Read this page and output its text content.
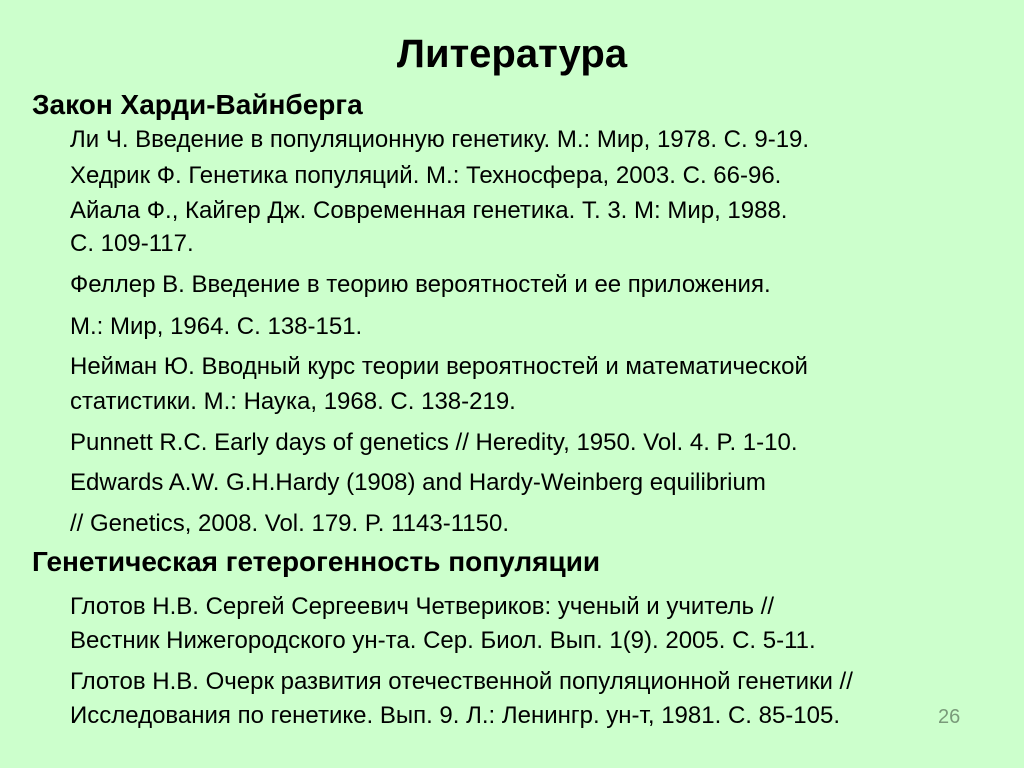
Литература
Закон Харди-Вайнберга
Ли Ч. Введение в популяционную генетику. М.: Мир, 1978. С. 9-19.
Хедрик Ф. Генетика популяций. М.: Техносфера, 2003. С. 66-96.
Айала Ф., Кайгер Дж. Современная генетика. Т. 3. М: Мир, 1988.
С. 109-117.
Феллер В. Введение в теорию вероятностей и ее приложения.
М.: Мир, 1964. С. 138-151.
Нейман Ю. Вводный курс теории вероятностей и математической
статистики. М.: Наука, 1968. С. 138-219.
Punnett R.C. Early days of genetics // Heredity, 1950. Vol. 4. P. 1-10.
Edwards A.W. G.H.Hardy (1908) and Hardy-Weinberg equilibrium
// Genetics, 2008. Vol. 179. P. 1143-1150.
Генетическая гетерогенность популяции
Глотов Н.В. Сергей Сергеевич Четвериков: ученый и учитель //
Вестник Нижегородского ун-та. Сер. Биол. Вып. 1(9). 2005. С. 5-11.
Глотов Н.В. Очерк развития отечественной популяционной генетики //
Исследования по генетике. Вып. 9. Л.: Ленингр. ун-т, 1981. С. 85-105.	26
